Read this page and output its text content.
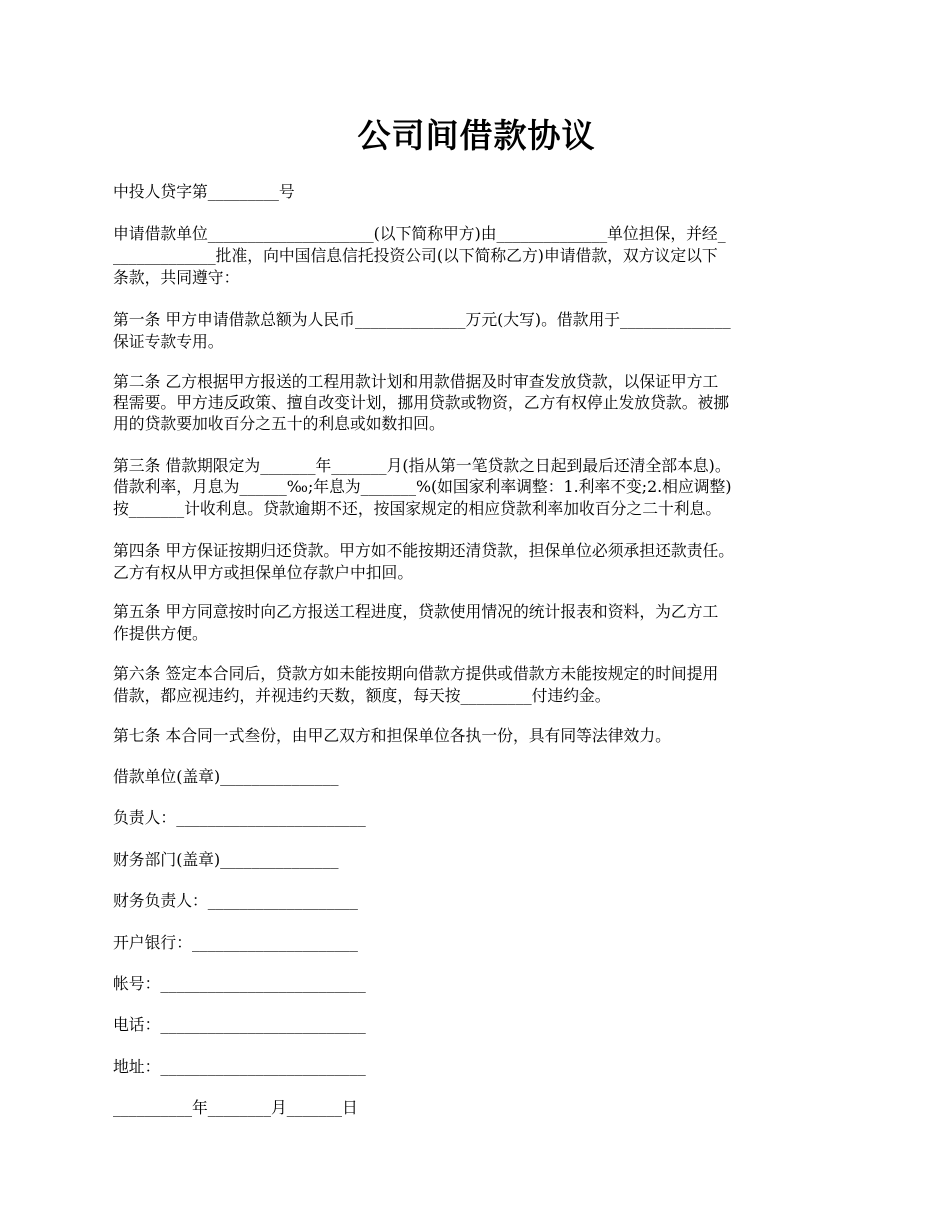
公司间借款协议

中投人贷字第_________号

申请借款单位_____________________(以下简称甲方)由______________单位担保，并经_

_____________批准，向中国信息信托投资公司(以下简称乙方)申请借款，双方议定以下

条款，共同遵守：

第一条 甲方申请借款总额为人民币______________万元(大写)。借款用于______________

保证专款专用。

第二条 乙方根据甲方报送的工程用款计划和用款借据及时审查发放贷款，以保证甲方工

程需要。甲方违反政策、擅自改变计划，挪用贷款或物资，乙方有权停止发放贷款。被挪

用的贷款要加收百分之五十的利息或如数扣回。

第三条 借款期限定为_______年_______月(指从第一笔贷款之日起到最后还清全部本息)。

借款利率，月息为______‰;年息为_______%(如国家利率调整：1.利率不变;2.相应调整)

按_______计收利息。贷款逾期不还，按国家规定的相应贷款利率加收百分之二十利息。

第四条 甲方保证按期归还贷款。甲方如不能按期还清贷款，担保单位必须承担还款责任。

乙方有权从甲方或担保单位存款户中扣回。

第五条 甲方同意按时向乙方报送工程进度，贷款使用情况的统计报表和资料，为乙方工

作提供方便。

第六条 签定本合同后，贷款方如未能按期向借款方提供或借款方未能按规定的时间提用

借款，都应视违约，并视违约天数，额度，每天按_________付违约金。

第七条 本合同一式叁份，由甲乙双方和担保单位各执一份，具有同等法律效力。

借款单位(盖章)_______________

负责人：________________________

财务部门(盖章)_______________

财务负责人：___________________

开户银行：_____________________

帐号：__________________________

电话：__________________________

地址：__________________________

__________年________月_______日
